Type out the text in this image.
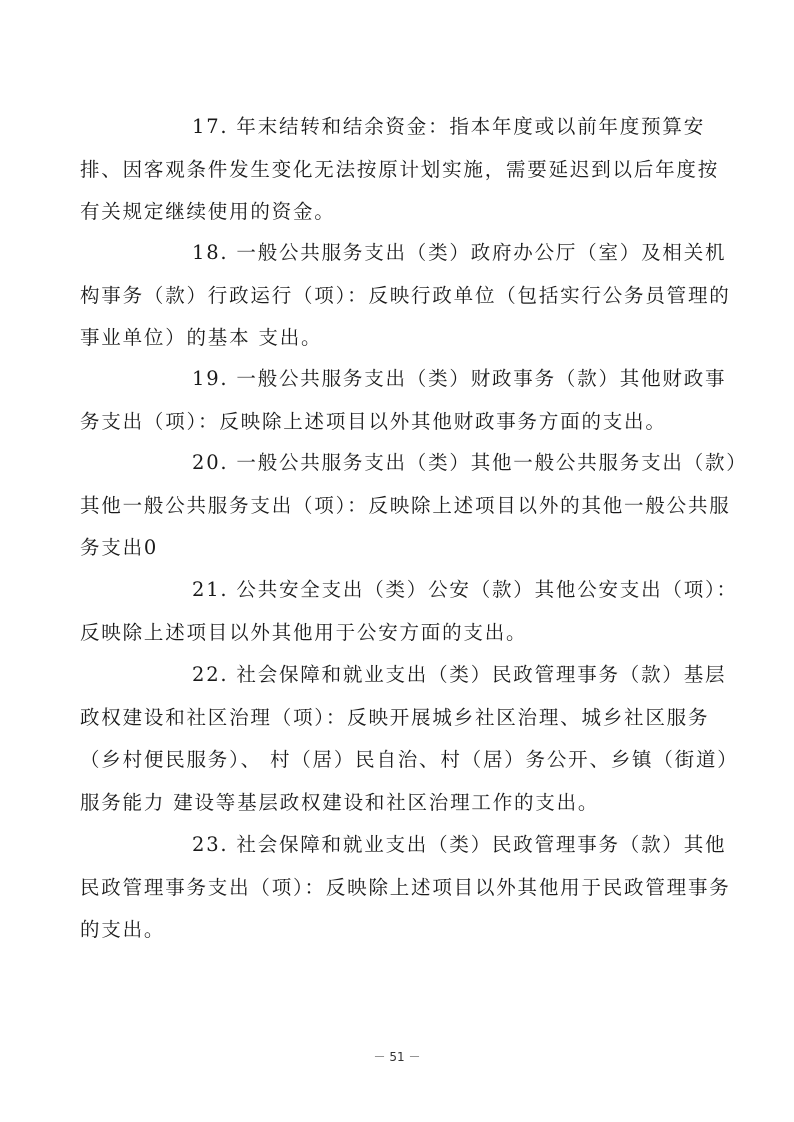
17. 年末结转和结余资金：指本年度或以前年度预算安排、因客观条件发生变化无法按原计划实施，需要延迟到以后年度按有关规定继续使用的资金。

18. 一般公共服务支出（类）政府办公厅（室）及相关机构事务（款）行政运行（项）：反映行政单位（包括实行公务员管理的事业单位）的基本 支出。

19. 一般公共服务支出（类）财政事务（款）其他财政事务支出（项）：反映除上述项目以外其他财政事务方面的支出。

20. 一般公共服务支出（类）其他一般公共服务支出（款）其他一般公共服务支出（项）：反映除上述项目以外的其他一般公共服务支出0

21. 公共安全支出（类）公安（款）其他公安支出（项）：反映除上述项目以外其他用于公安方面的支出。

22. 社会保障和就业支出（类）民政管理事务（款）基层政权建设和社区治理（项）：反映开展城乡社区治理、城乡社区服务（乡村便民服务）、 村（居）民自治、村（居）务公开、乡镇（街道）服务能力 建设等基层政权建设和社区治理工作的支出。

23. 社会保障和就业支出（类）民政管理事务（款）其他民政管理事务支出（项）：反映除上述项目以外其他用于民政管理事务的支出。

－ 51 －
